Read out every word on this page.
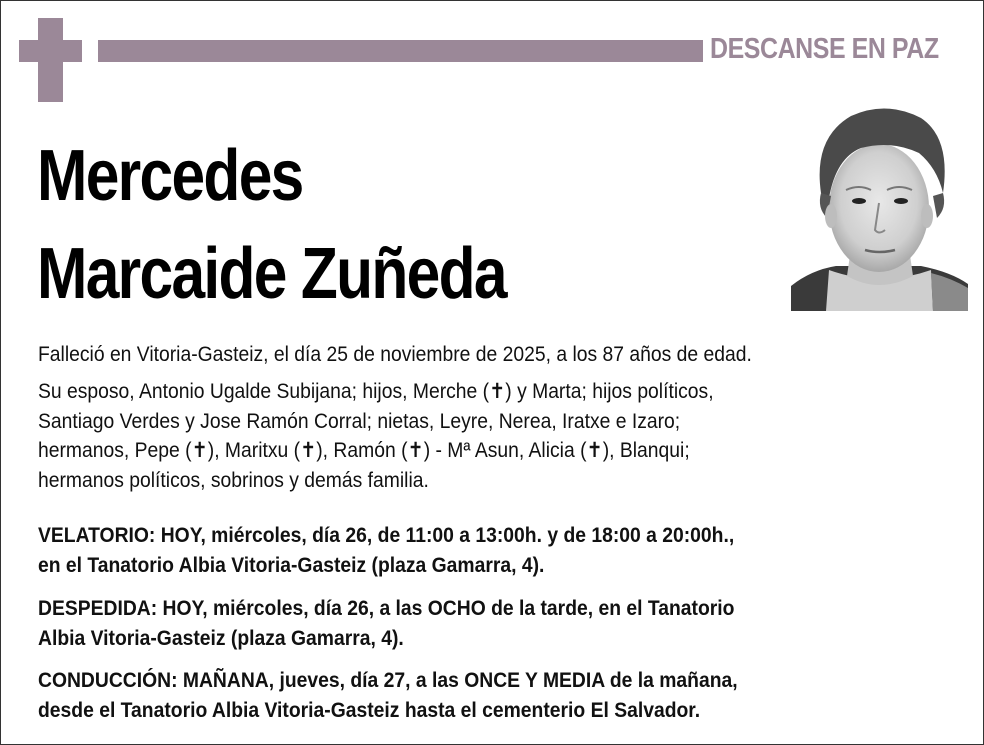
DESCANSE EN PAZ
Mercedes
Marcaide Zuñeda
Falleció en Vitoria-Gasteiz, el día 25 de noviembre de 2025, a los 87 años de edad.
Su esposo, Antonio Ugalde Subijana; hijos, Merche (✝) y Marta; hijos políticos,
Santiago Verdes y Jose Ramón Corral; nietas, Leyre, Nerea, Iratxe e Izaro;
hermanos, Pepe (✝), Maritxu (✝), Ramón (✝) - Mª Asun, Alicia (✝), Blanqui;
hermanos políticos, sobrinos y demás familia.
VELATORIO: HOY, miércoles, día 26, de 11:00 a 13:00h. y de 18:00 a 20:00h.,
en el Tanatorio Albia Vitoria-Gasteiz (plaza Gamarra, 4).
DESPEDIDA: HOY, miércoles, día 26, a las OCHO de la tarde, en el Tanatorio
Albia Vitoria-Gasteiz (plaza Gamarra, 4).
CONDUCCIÓN: MAÑANA, jueves, día 27, a las ONCE Y MEDIA de la mañana,
desde el Tanatorio Albia Vitoria-Gasteiz hasta el cementerio El Salvador.
